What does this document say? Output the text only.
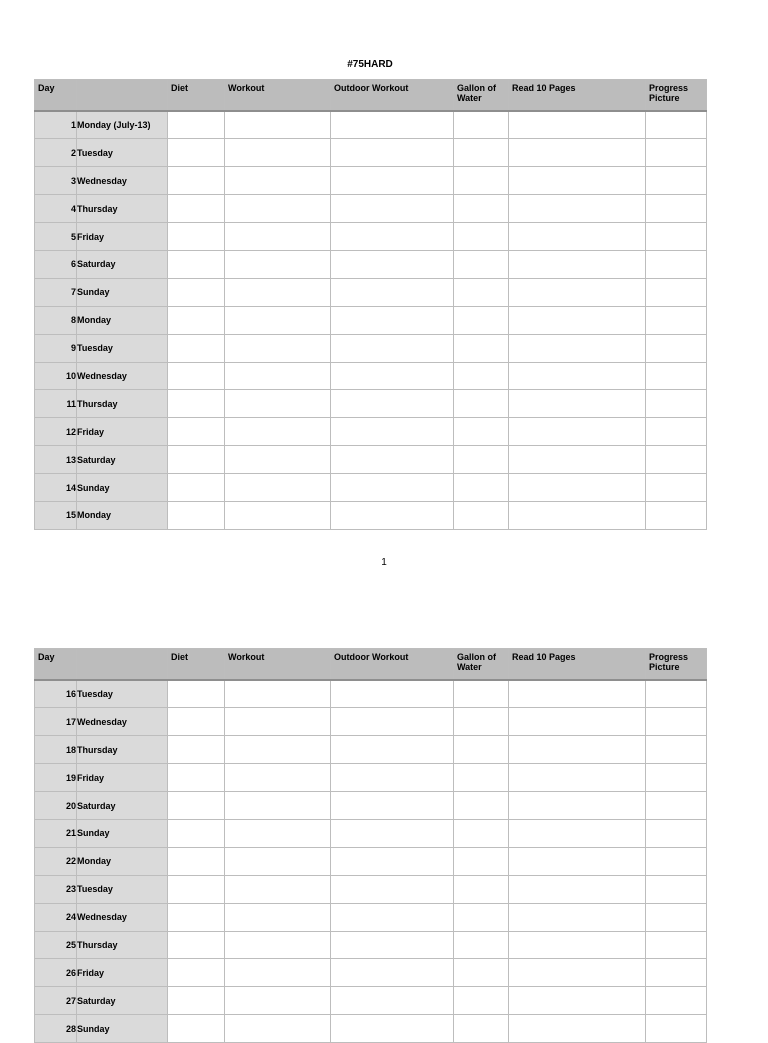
#75HARD
Day		Diet	Workout	Outdoor Workout	Gallon of Water	Read 10 Pages	Progress Picture
1	Monday (July-13)						
2	Tuesday						
3	Wednesday						
4	Thursday						
5	Friday						
6	Saturday						
7	Sunday						
8	Monday						
9	Tuesday						
10	Wednesday						
11	Thursday						
12	Friday						
13	Saturday						
14	Sunday						
15	Monday						
1
Day		Diet	Workout	Outdoor Workout	Gallon of Water	Read 10 Pages	Progress Picture
16	Tuesday						
17	Wednesday						
18	Thursday						
19	Friday						
20	Saturday						
21	Sunday						
22	Monday						
23	Tuesday						
24	Wednesday						
25	Thursday						
26	Friday						
27	Saturday						
28	Sunday						
